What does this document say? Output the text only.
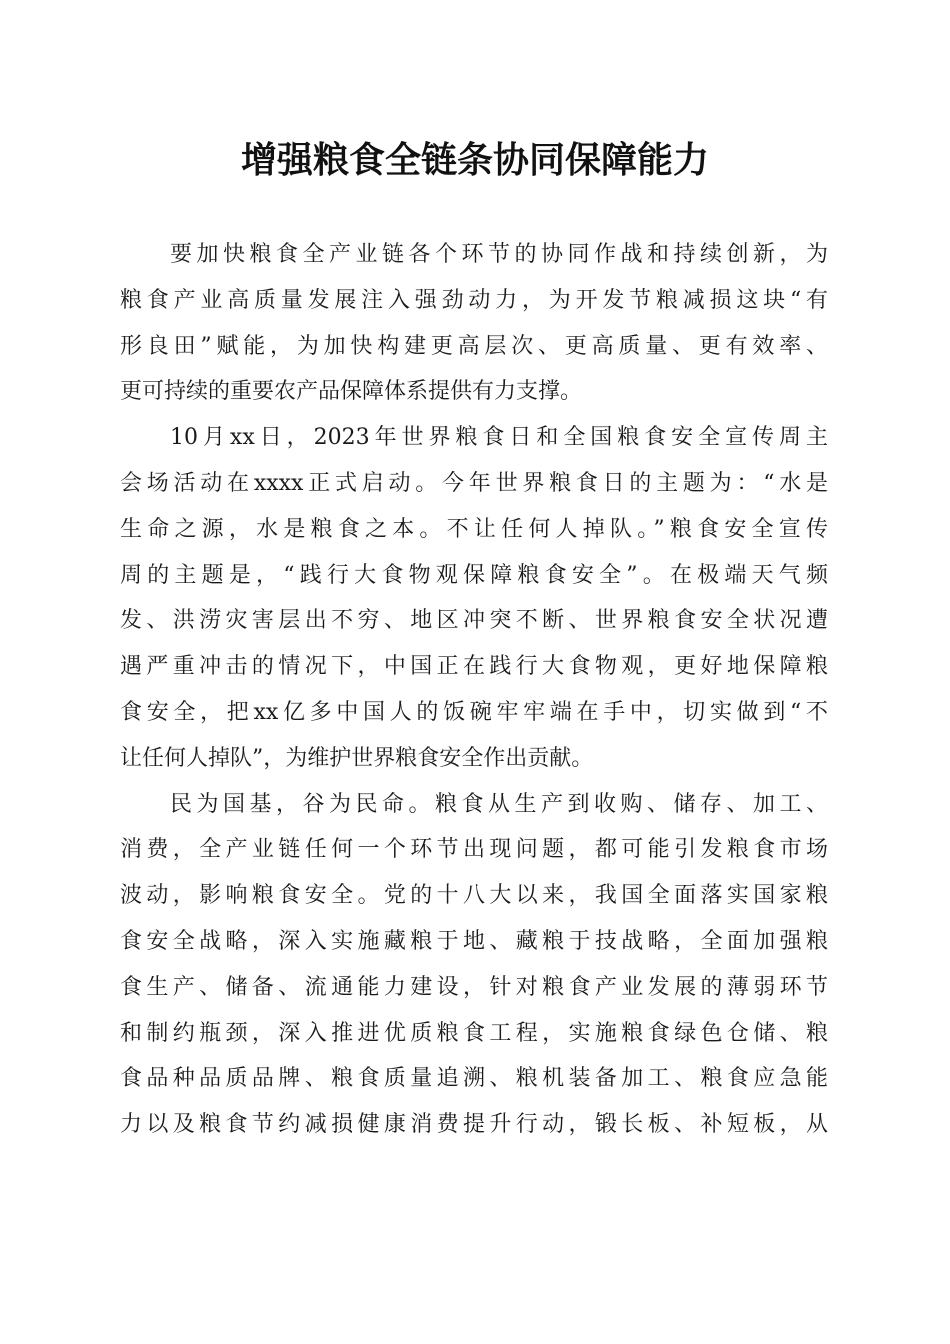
增强粮食全链条协同保障能力

要加快粮食全产业链各个环节的协同作战和持续创新，为
粮食产业高质量发展注入强劲动力，为开发节粮减损这块“有
形良田”赋能，为加快构建更高层次、更高质量、更有效率、
更可持续的重要农产品保障体系提供有力支撑。

10月xx日，2023年世界粮食日和全国粮食安全宣传周主
会场活动在xxxx正式启动。今年世界粮食日的主题为：“水是
生命之源，水是粮食之本。不让任何人掉队。”粮食安全宣传
周的主题是，“践行大食物观保障粮食安全”。在极端天气频
发、洪涝灾害层出不穷、地区冲突不断、世界粮食安全状况遭
遇严重冲击的情况下，中国正在践行大食物观，更好地保障粮
食安全，把xx亿多中国人的饭碗牢牢端在手中，切实做到“不
让任何人掉队”，为维护世界粮食安全作出贡献。

民为国基，谷为民命。粮食从生产到收购、储存、加工、
消费，全产业链任何一个环节出现问题，都可能引发粮食市场
波动，影响粮食安全。党的十八大以来，我国全面落实国家粮
食安全战略，深入实施藏粮于地、藏粮于技战略，全面加强粮
食生产、储备、流通能力建设，针对粮食产业发展的薄弱环节
和制约瓶颈，深入推进优质粮食工程，实施粮食绿色仓储、粮
食品种品质品牌、粮食质量追溯、粮机装备加工、粮食应急能
力以及粮食节约减损健康消费提升行动，锻长板、补短板，从
